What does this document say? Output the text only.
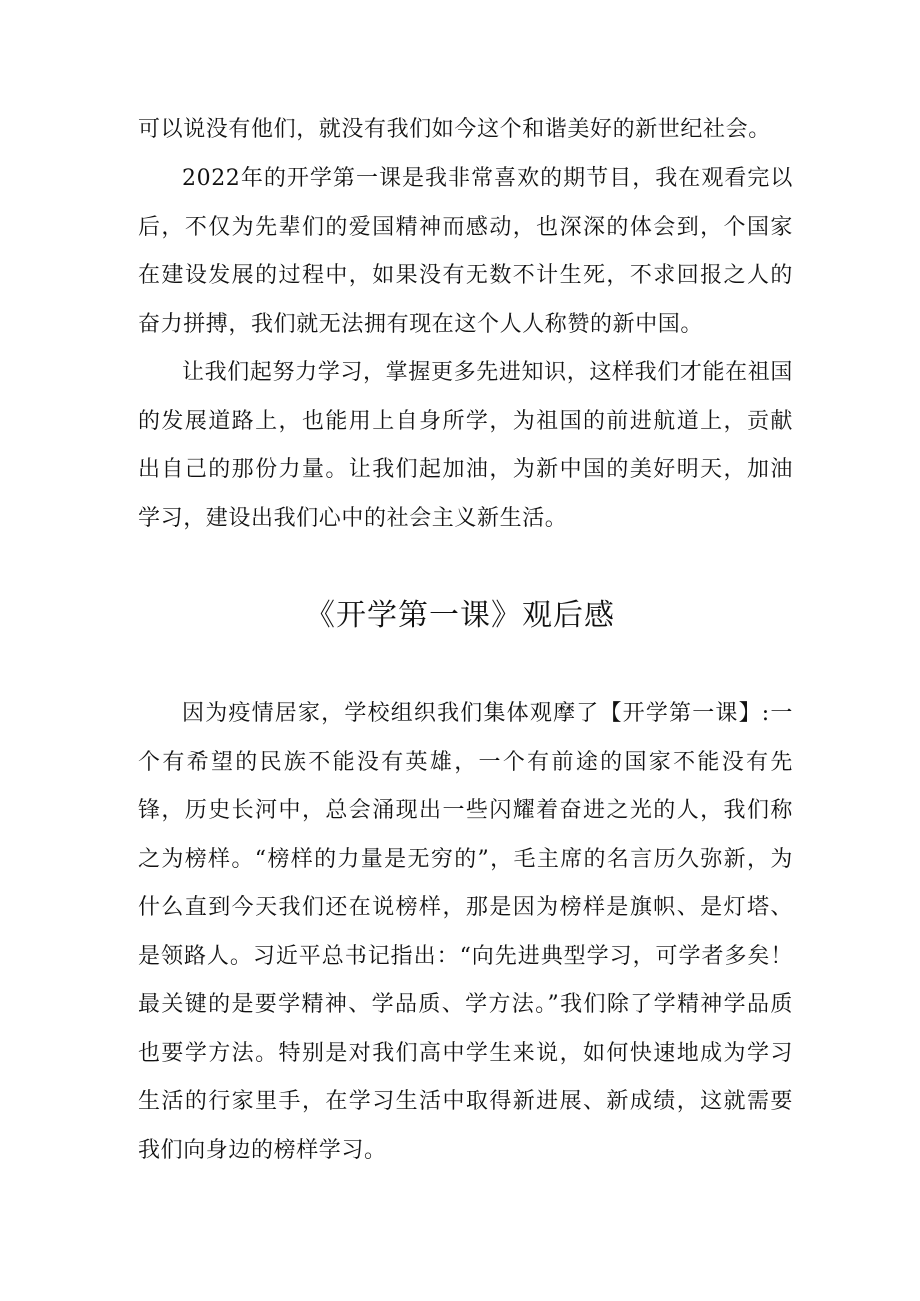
可以说没有他们，就没有我们如今这个和谐美好的新世纪社会。

2022年的开学第一课是我非常喜欢的期节目，我在观看完以后，不仅为先辈们的爱国精神而感动，也深深的体会到，个国家在建设发展的过程中，如果没有无数不计生死，不求回报之人的奋力拼搏，我们就无法拥有现在这个人人称赞的新中国。

让我们起努力学习，掌握更多先进知识，这样我们才能在祖国的发展道路上，也能用上自身所学，为祖国的前进航道上，贡献出自己的那份力量。让我们起加油，为新中国的美好明天，加油学习，建设出我们心中的社会主义新生活。

《开学第一课》观后感

因为疫情居家，学校组织我们集体观摩了【开学第一课】:一个有希望的民族不能没有英雄，一个有前途的国家不能没有先锋，历史长河中，总会涌现出一些闪耀着奋进之光的人，我们称之为榜样。“榜样的力量是无穷的”，毛主席的名言历久弥新，为什么直到今天我们还在说榜样，那是因为榜样是旗帜、是灯塔、是领路人。习近平总书记指出：“向先进典型学习，可学者多矣！最关键的是要学精神、学品质、学方法。”我们除了学精神学品质也要学方法。特别是对我们高中学生来说，如何快速地成为学习生活的行家里手，在学习生活中取得新进展、新成绩，这就需要我们向身边的榜样学习。
